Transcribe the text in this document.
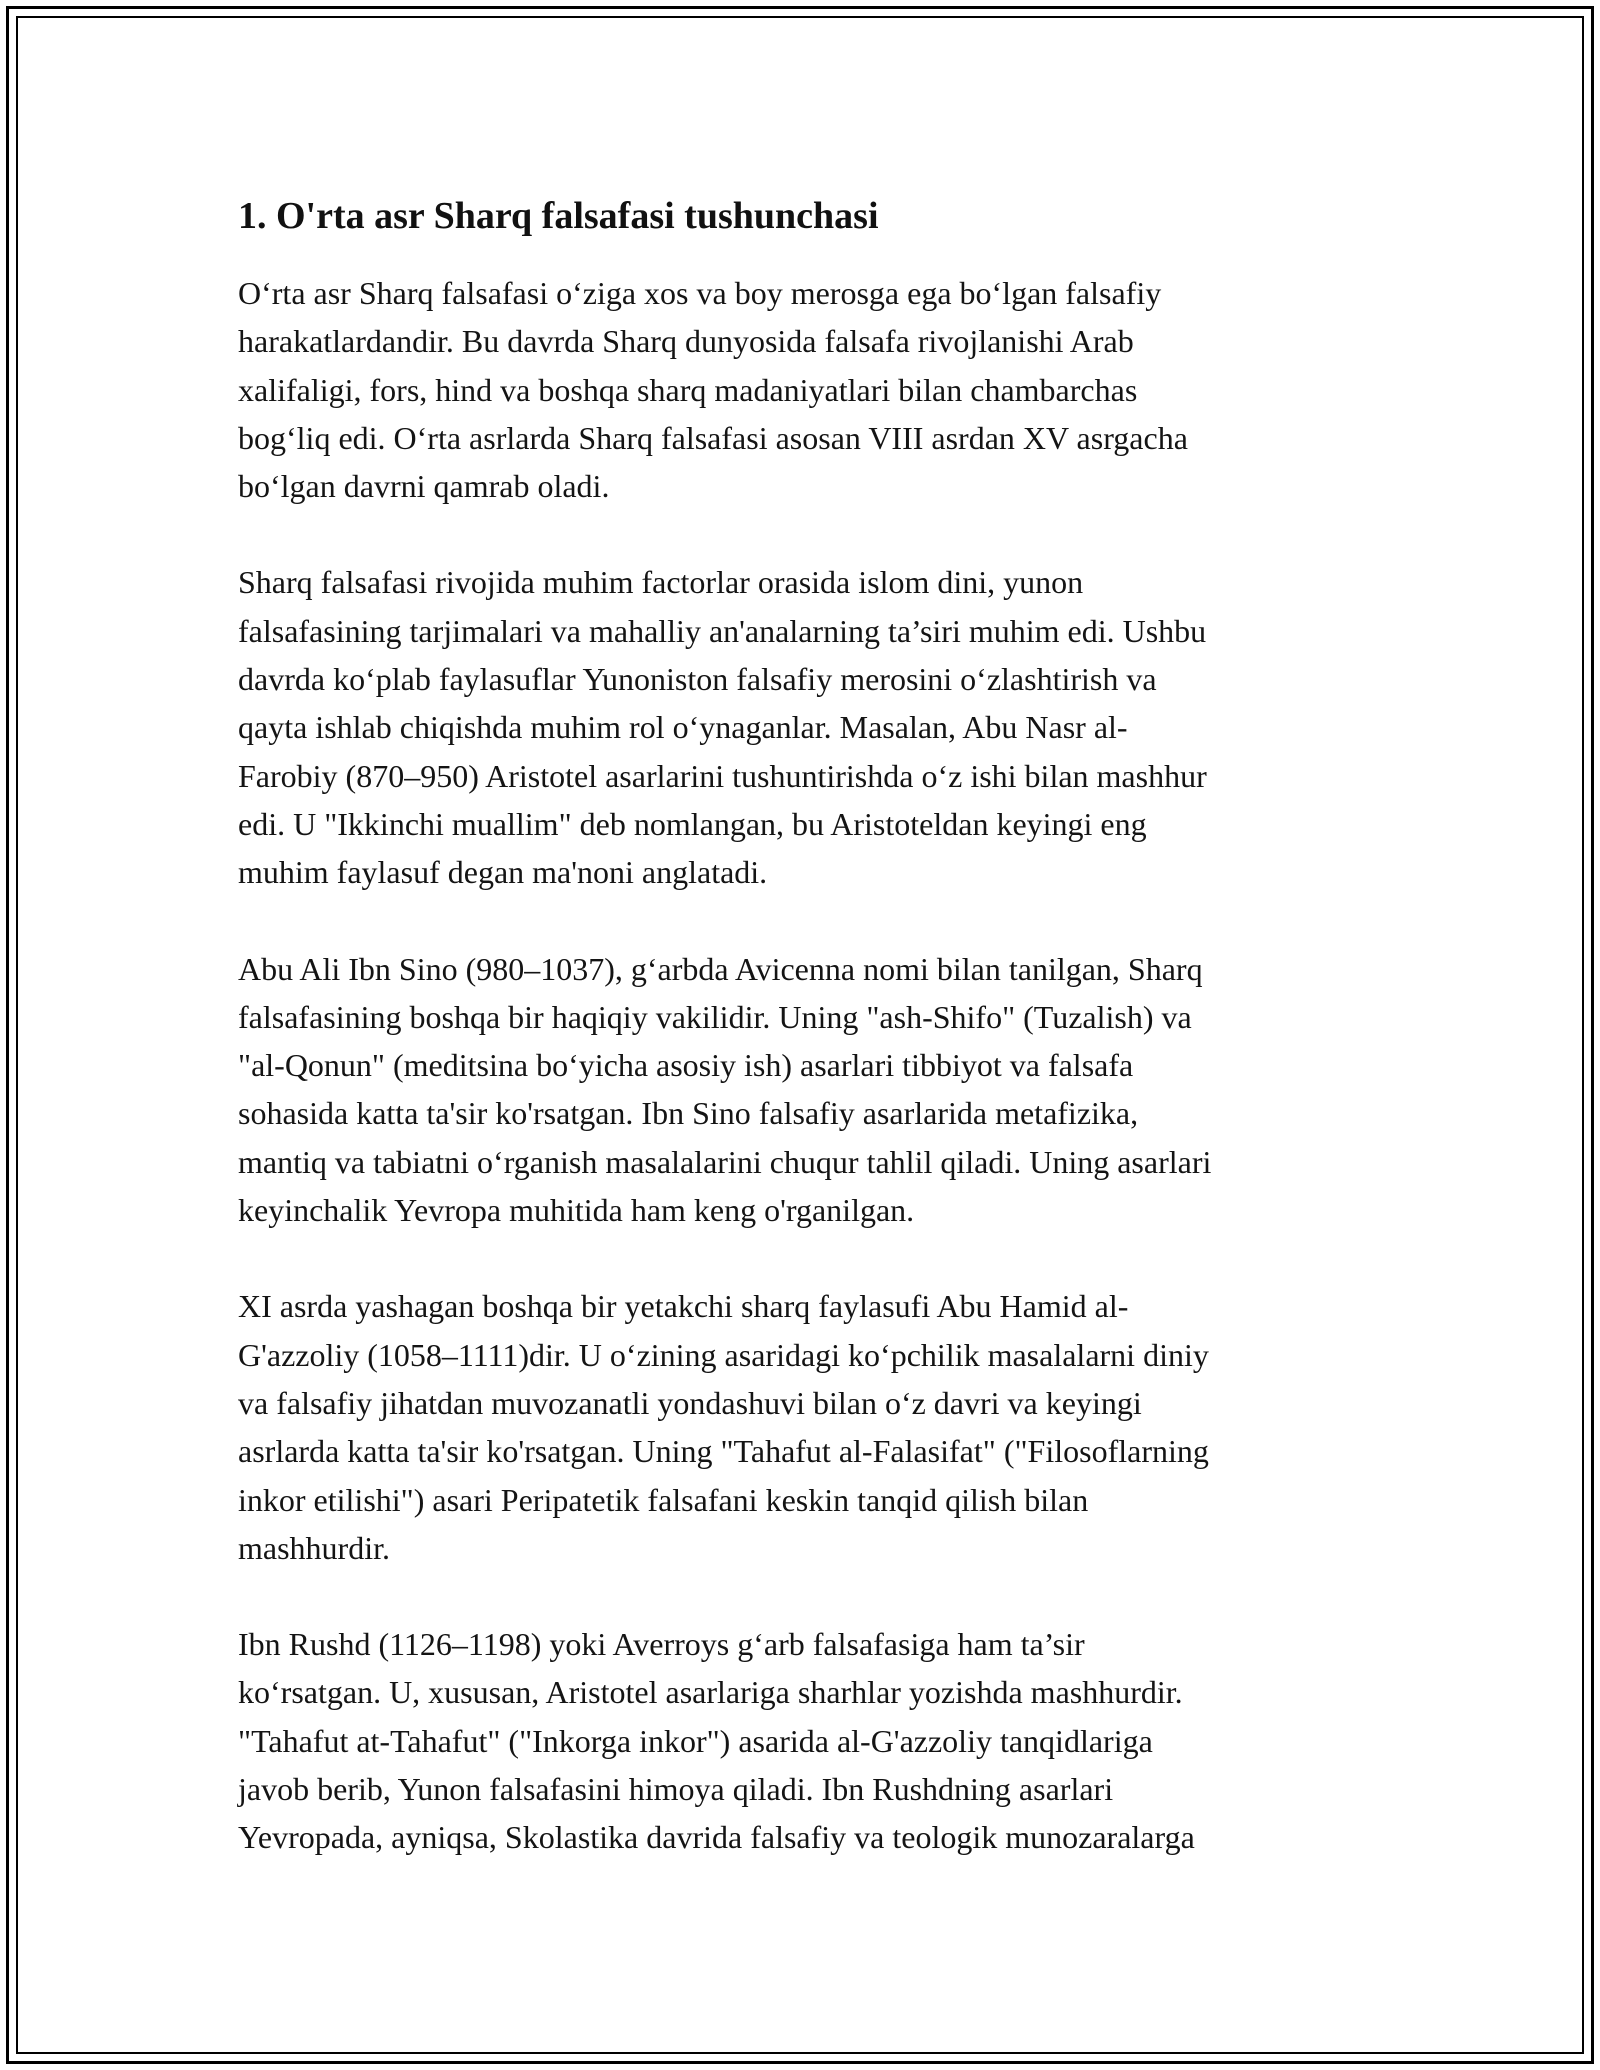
1. O'rta asr Sharq falsafasi tushunchasi

O‘rta asr Sharq falsafasi o‘ziga xos va boy merosga ega bo‘lgan falsafiy
harakatlardandir. Bu davrda Sharq dunyosida falsafa rivojlanishi Arab
xalifaligi, fors, hind va boshqa sharq madaniyatlari bilan chambarchas
bog‘liq edi. O‘rta asrlarda Sharq falsafasi asosan VIII asrdan XV asrgacha
bo‘lgan davrni qamrab oladi.

Sharq falsafasi rivojida muhim factorlar orasida islom dini, yunon
falsafasining tarjimalari va mahalliy an'analarning ta’siri muhim edi. Ushbu
davrda ko‘plab faylasuflar Yunoniston falsafiy merosini o‘zlashtirish va
qayta ishlab chiqishda muhim rol o‘ynaganlar. Masalan, Abu Nasr al-
Farobiy (870–950) Aristotel asarlarini tushuntirishda o‘z ishi bilan mashhur
edi. U "Ikkinchi muallim" deb nomlangan, bu Aristoteldan keyingi eng
muhim faylasuf degan ma'noni anglatadi.

Abu Ali Ibn Sino (980–1037), g‘arbda Avicenna nomi bilan tanilgan, Sharq
falsafasining boshqa bir haqiqiy vakilidir. Uning "ash-Shifo" (Tuzalish) va
"al-Qonun" (meditsina bo‘yicha asosiy ish) asarlari tibbiyot va falsafa
sohasida katta ta'sir ko'rsatgan. Ibn Sino falsafiy asarlarida metafizika,
mantiq va tabiatni o‘rganish masalalarini chuqur tahlil qiladi. Uning asarlari
keyinchalik Yevropa muhitida ham keng o'rganilgan.

XI asrda yashagan boshqa bir yetakchi sharq faylasufi Abu Hamid al-
G'azzoliy (1058–1111)dir. U o‘zining asaridagi ko‘pchilik masalalarni diniy
va falsafiy jihatdan muvozanatli yondashuvi bilan o‘z davri va keyingi
asrlarda katta ta'sir ko'rsatgan. Uning "Tahafut al-Falasifat" ("Filosoflarning
inkor etilishi") asari Peripatetik falsafani keskin tanqid qilish bilan
mashhurdir.

Ibn Rushd (1126–1198) yoki Averroys g‘arb falsafasiga ham ta’sir
ko‘rsatgan. U, xususan, Aristotel asarlariga sharhlar yozishda mashhurdir.
"Tahafut at-Tahafut" ("Inkorga inkor") asarida al-G'azzoliy tanqidlariga
javob berib, Yunon falsafasini himoya qiladi. Ibn Rushdning asarlari
Yevropada, ayniqsa, Skolastika davrida falsafiy va teologik munozaralarga
